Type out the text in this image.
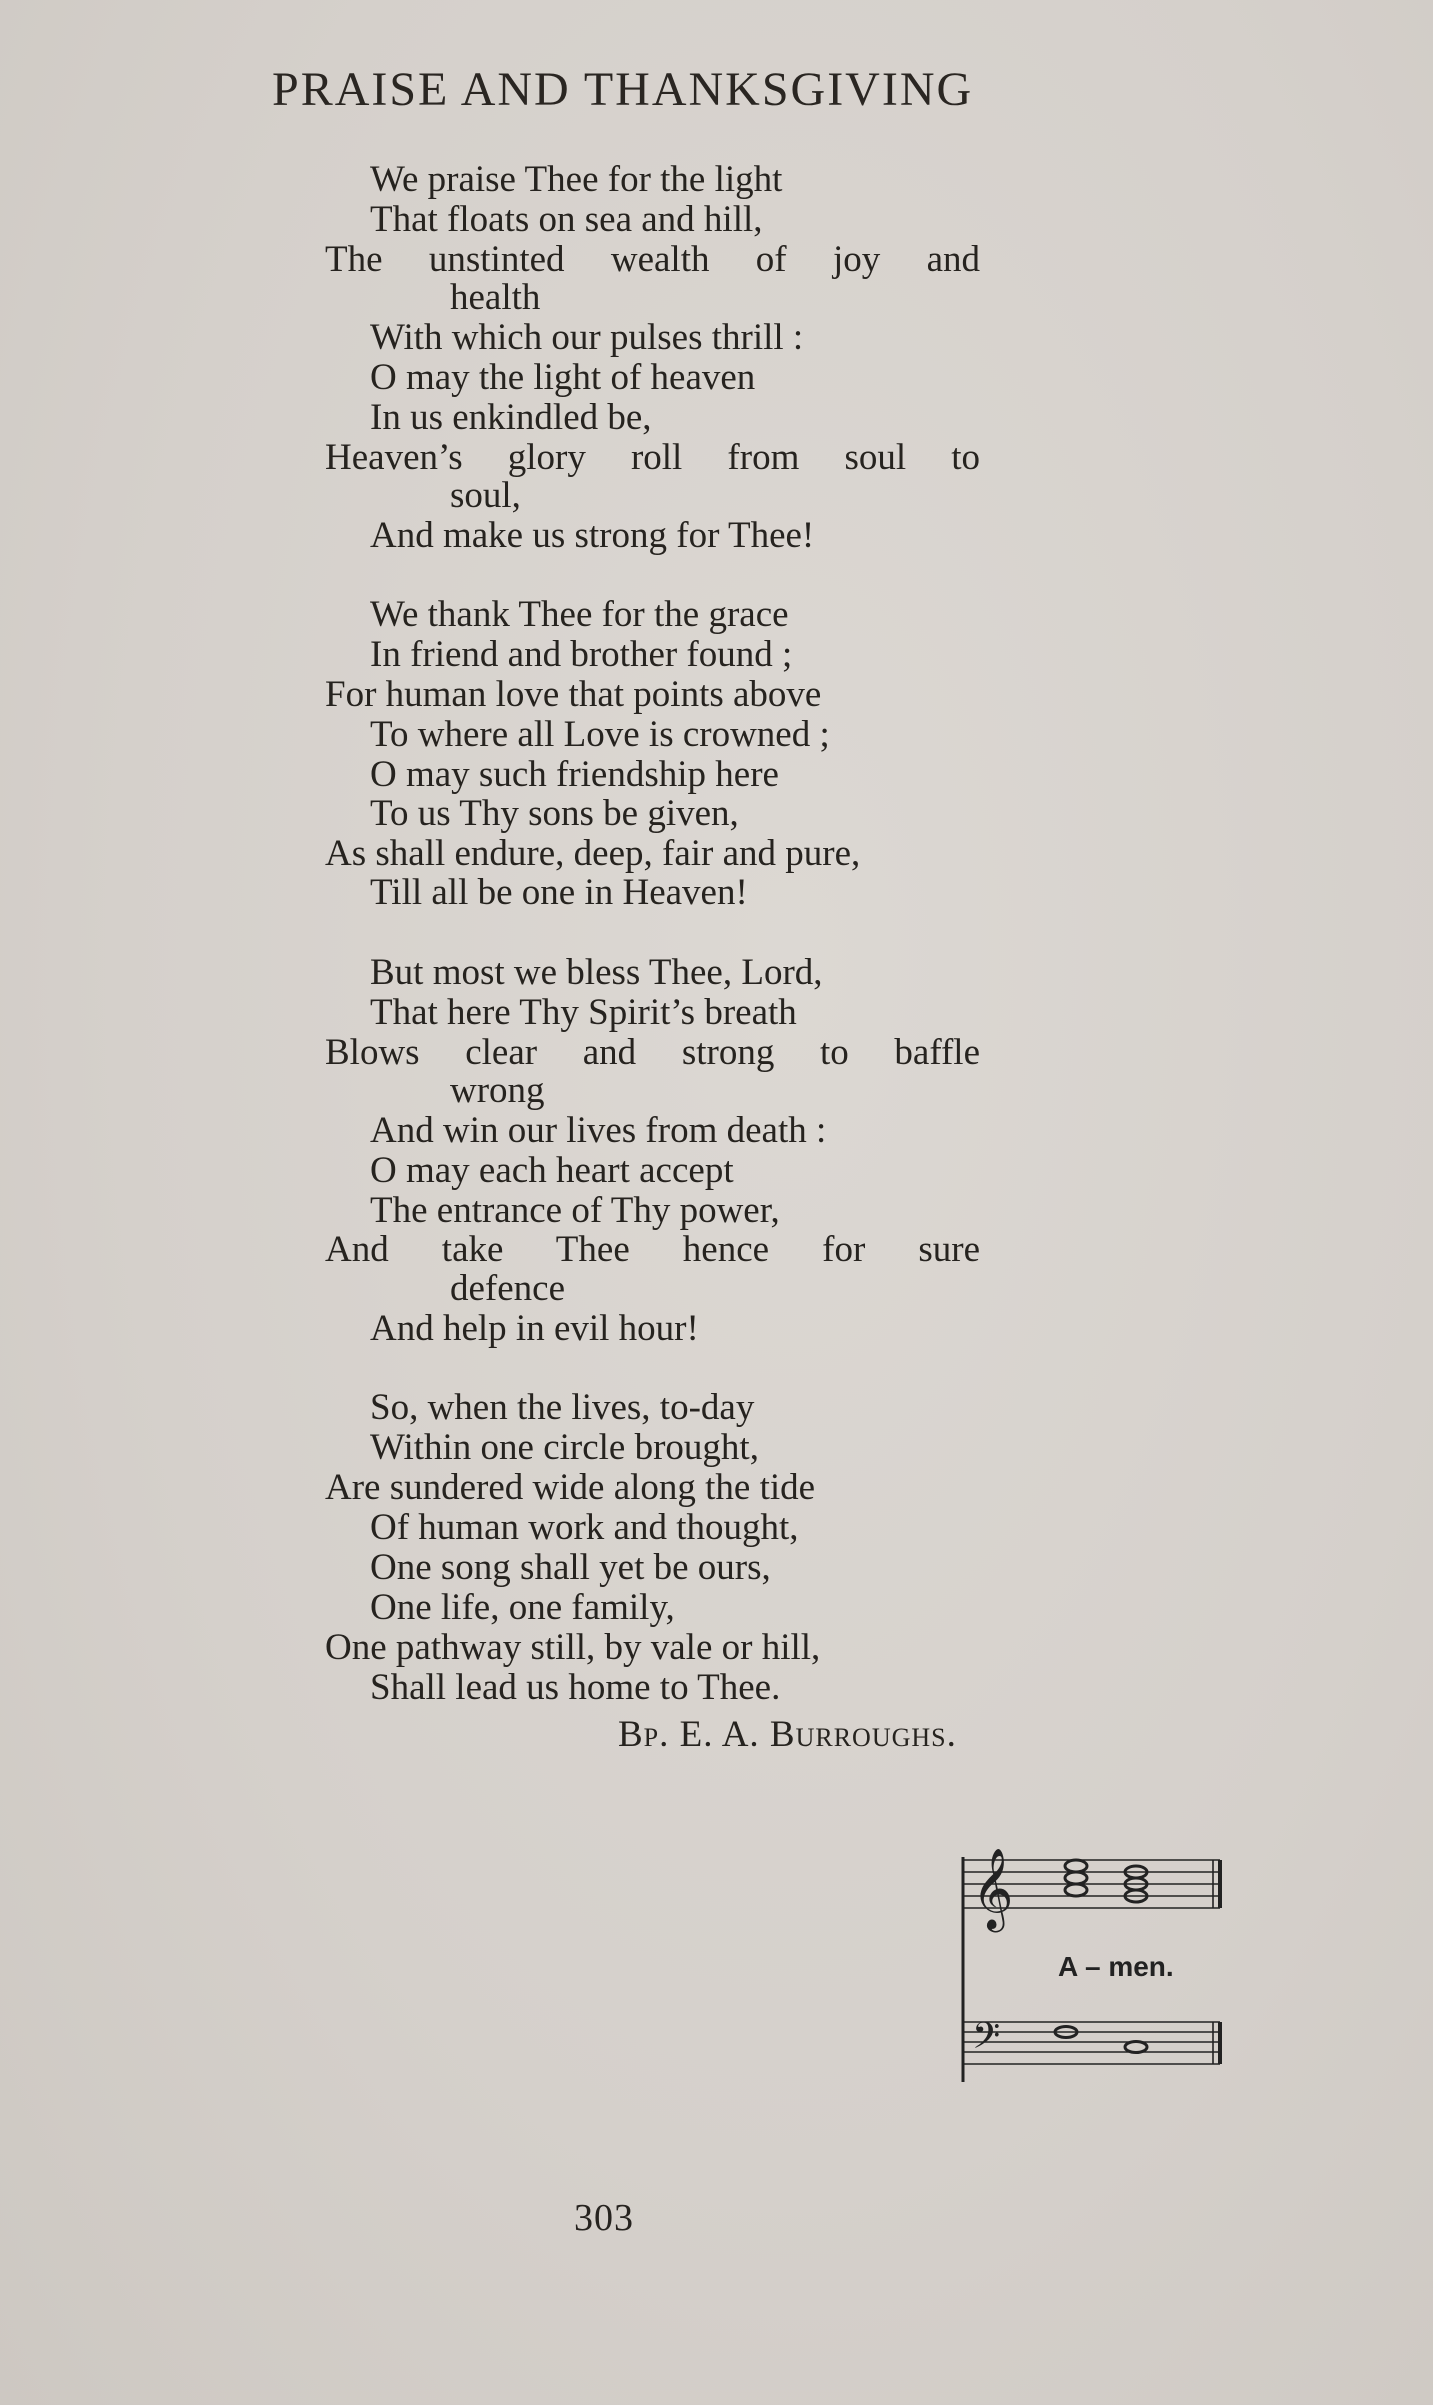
PRAISE AND THANKSGIVING
We praise Thee for the light
That floats on sea and hill,
The unstinted wealth of joy and
health
With which our pulses thrill :
O may the light of heaven
In us enkindled be,
Heaven’s glory roll from soul to
soul,
And make us strong for Thee!
We thank Thee for the grace
In friend and brother found ;
For human love that points above
To where all Love is crowned ;
O may such friendship here
To us Thy sons be given,
As shall endure, deep, fair and pure,
Till all be one in Heaven!
But most we bless Thee, Lord,
That here Thy Spirit’s breath
Blows clear and strong to baffle
wrong
And win our lives from death :
O may each heart accept
The entrance of Thy power,
And take Thee hence for sure
defence
And help in evil hour!
So, when the lives, to-day
Within one circle brought,
Are sundered wide along the tide
Of human work and thought,
One song shall yet be ours,
One life, one family,
One pathway still, by vale or hill,
Shall lead us home to Thee.
Bp. E. A. Burroughs.
𝄞
A – men.
𝄢
303
